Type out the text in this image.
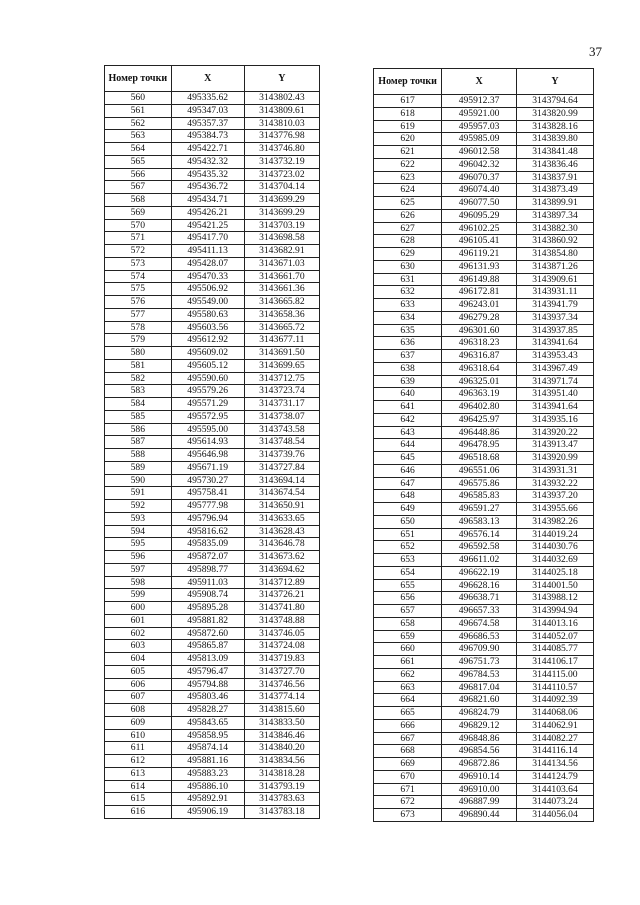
37
Номер точки	X	Y
560	495335.62	3143802.43
561	495347.03	3143809.61
562	495357.37	3143810.03
563	495384.73	3143776.98
564	495422.71	3143746.80
565	495432.32	3143732.19
566	495435.32	3143723.02
567	495436.72	3143704.14
568	495434.71	3143699.29
569	495426.21	3143699.29
570	495421.25	3143703.19
571	495417.70	3143698.58
572	495411.13	3143682.91
573	495428.07	3143671.03
574	495470.33	3143661.70
575	495506.92	3143661.36
576	495549.00	3143665.82
577	495580.63	3143658.36
578	495603.56	3143665.72
579	495612.92	3143677.11
580	495609.02	3143691.50
581	495605.12	3143699.65
582	495590.60	3143712.75
583	495579.26	3143723.74
584	495571.29	3143731.17
585	495572.95	3143738.07
586	495595.00	3143743.58
587	495614.93	3143748.54
588	495646.98	3143739.76
589	495671.19	3143727.84
590	495730.27	3143694.14
591	495758.41	3143674.54
592	495777.98	3143650.91
593	495796.94	3143633.65
594	495816.62	3143628.43
595	495835.09	3143646.78
596	495872.07	3143673.62
597	495898.77	3143694.62
598	495911.03	3143712.89
599	495908.74	3143726.21
600	495895.28	3143741.80
601	495881.82	3143748.88
602	495872.60	3143746.05
603	495865.87	3143724.08
604	495813.09	3143719.83
605	495796.47	3143727.70
606	495794.88	3143746.56
607	495803.46	3143774.14
608	495828.27	3143815.60
609	495843.65	3143833.50
610	495858.95	3143846.46
611	495874.14	3143840.20
612	495881.16	3143834.56
613	495883.23	3143818.28
614	495886.10	3143793.19
615	495892.91	3143783.63
616	495906.19	3143783.18
Номер точки	X	Y
617	495912.37	3143794.64
618	495921.00	3143820.99
619	495957.03	3143828.16
620	495985.09	3143839.80
621	496012.58	3143841.48
622	496042.32	3143836.46
623	496070.37	3143837.91
624	496074.40	3143873.49
625	496077.50	3143899.91
626	496095.29	3143897.34
627	496102.25	3143882.30
628	496105.41	3143860.92
629	496119.21	3143854.80
630	496131.93	3143871.26
631	496149.88	3143909.61
632	496172.81	3143931.11
633	496243.01	3143941.79
634	496279.28	3143937.34
635	496301.60	3143937.85
636	496318.23	3143941.64
637	496316.87	3143953.43
638	496318.64	3143967.49
639	496325.01	3143971.74
640	496363.19	3143951.40
641	496402.80	3143941.64
642	496425.97	3143935.16
643	496448.86	3143920.22
644	496478.95	3143913.47
645	496518.68	3143920.99
646	496551.06	3143931.31
647	496575.86	3143932.22
648	496585.83	3143937.20
649	496591.27	3143955.66
650	496583.13	3143982.26
651	496576.14	3144019.24
652	496592.58	3144030.76
653	496611.02	3144032.69
654	496622.19	3144025.18
655	496628.16	3144001.50
656	496638.71	3143988.12
657	496657.33	3143994.94
658	496674.58	3144013.16
659	496686.53	3144052.07
660	496709.90	3144085.77
661	496751.73	3144106.17
662	496784.53	3144115.00
663	496817.04	3144110.57
664	496821.60	3144092.39
665	496824.79	3144068.06
666	496829.12	3144062.91
667	496848.86	3144082.27
668	496854.56	3144116.14
669	496872.86	3144134.56
670	496910.14	3144124.79
671	496910.00	3144103.64
672	496887.99	3144073.24
673	496890.44	3144056.04
